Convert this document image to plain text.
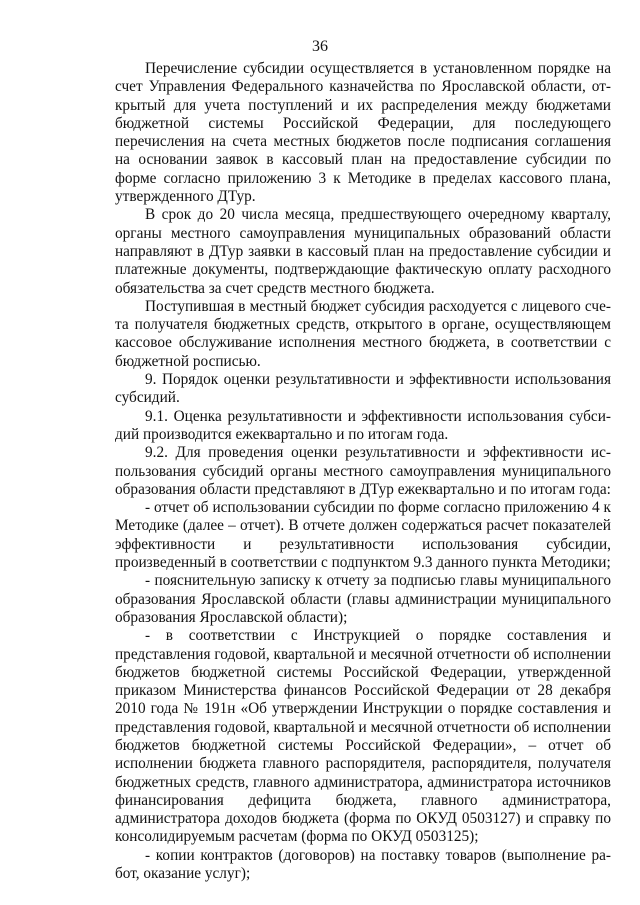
36

Перечисление субсидии осуществляется в установленном порядке на счет Управления Федерального казначейства по Ярославской области, открытый для учета поступлений и их распределения между бюджетами бюджетной системы Российской Федерации, для последующего перечисления на счета местных бюджетов после подписания соглашения на основании заявок в кассовый план на предоставление субсидии по форме согласно приложению 3 к Методике в пределах кассового плана, утвержденного ДТур.

В срок до 20 числа месяца, предшествующего очередному кварталу, органы местного самоуправления муниципальных образований области направляют в ДТур заявки в кассовый план на предоставление субсидии и платежные документы, подтверждающие фактическую оплату расходного обязательства за счет средств местного бюджета.

Поступившая в местный бюджет субсидия расходуется с лицевого счета получателя бюджетных средств, открытого в органе, осуществляющем кассовое обслуживание исполнения местного бюджета, в соответствии с бюджетной росписью.

9. Порядок оценки результативности и эффективности использования субсидий.

9.1. Оценка результативности и эффективности использования субсидий производится ежеквартально и по итогам года.

9.2. Для проведения оценки результативности и эффективности использования субсидий органы местного самоуправления муниципального образования области представляют в ДТур ежеквартально и по итогам года:

- отчет об использовании субсидии по форме согласно приложению 4 к Методике (далее – отчет). В отчете должен содержаться расчет показателей эффективности и результативности использования субсидии, произведенный в соответствии с подпунктом 9.3 данного пункта Методики;

- пояснительную записку к отчету за подписью главы муниципального образования Ярославской области (главы администрации муниципального образования Ярославской области);

- в соответствии с Инструкцией о порядке составления и представления годовой, квартальной и месячной отчетности об исполнении бюджетов бюджетной системы Российской Федерации, утвержденной приказом Министерства финансов Российской Федерации от 28 декабря 2010 года № 191н «Об утверждении Инструкции о порядке составления и представления годовой, квартальной и месячной отчетности об исполнении бюджетов бюджетной системы Российской Федерации», – отчет об исполнении бюджета главного распорядителя, распорядителя, получателя бюджетных средств, главного администратора, администратора источников финансирования дефицита бюджета, главного администратора, администратора доходов бюджета (форма по ОКУД 0503127) и справку по консолидируемым расчетам (форма по ОКУД 0503125);

- копии контрактов (договоров) на поставку товаров (выполнение работ, оказание услуг);
